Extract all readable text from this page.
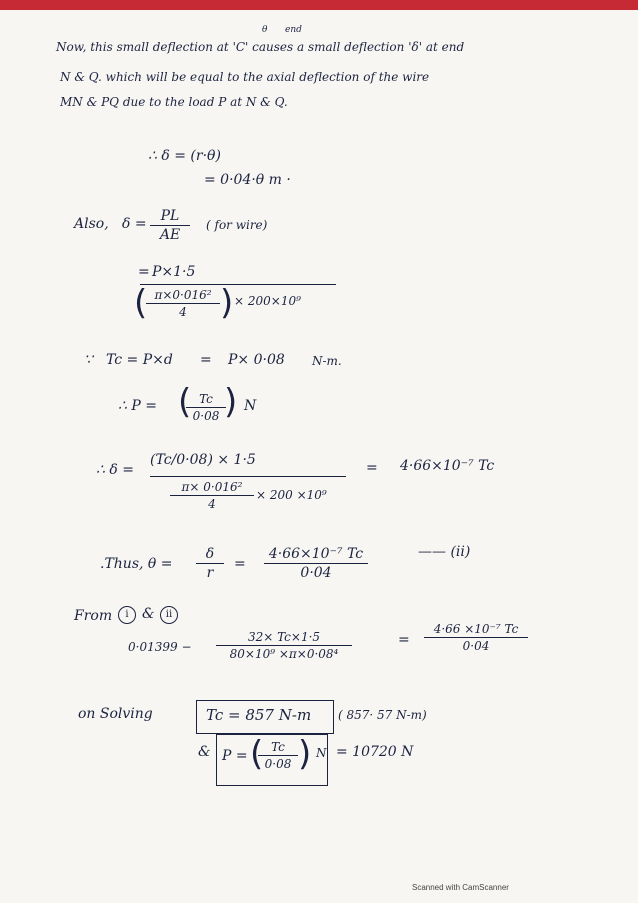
θ end
Now, this small deflection at 'C' causes a small deflection 'δ' at end
N & Q. which will be equal to the axial deflection of the wire
MN & PQ due to the load P at N & Q.
∴ δ = (r·θ)
= 0·04·θ m ·
Also, δ =	PL
AE
( for wire)
= P×1·5
( π×0·016²
4 ) × 200×10⁹
∵ Tc = P×d = P× 0·08 N-m.
∴ P = ( Tc
0·08 ) N
∴ δ =
(Tc/0·08) × 1·5
π× 0·016²
4
× 200 ×10⁹
= 4·66×10⁻⁷ Tc
.Thus, θ =
δ
r
=
4·66×10⁻⁷ Tc
0·04
—— (ii)
From	i &	ii
0·01399 −
32× Tc×1·5
80×10⁹ ×π×0·08⁴
=
4·66 ×10⁻⁷ Tc
0·04
on Solving	Tc = 857 N-m ( 857· 57 N-m)
& P = ( Tc
0·08 ) N = 10720 N
Scanned with CamScanner
